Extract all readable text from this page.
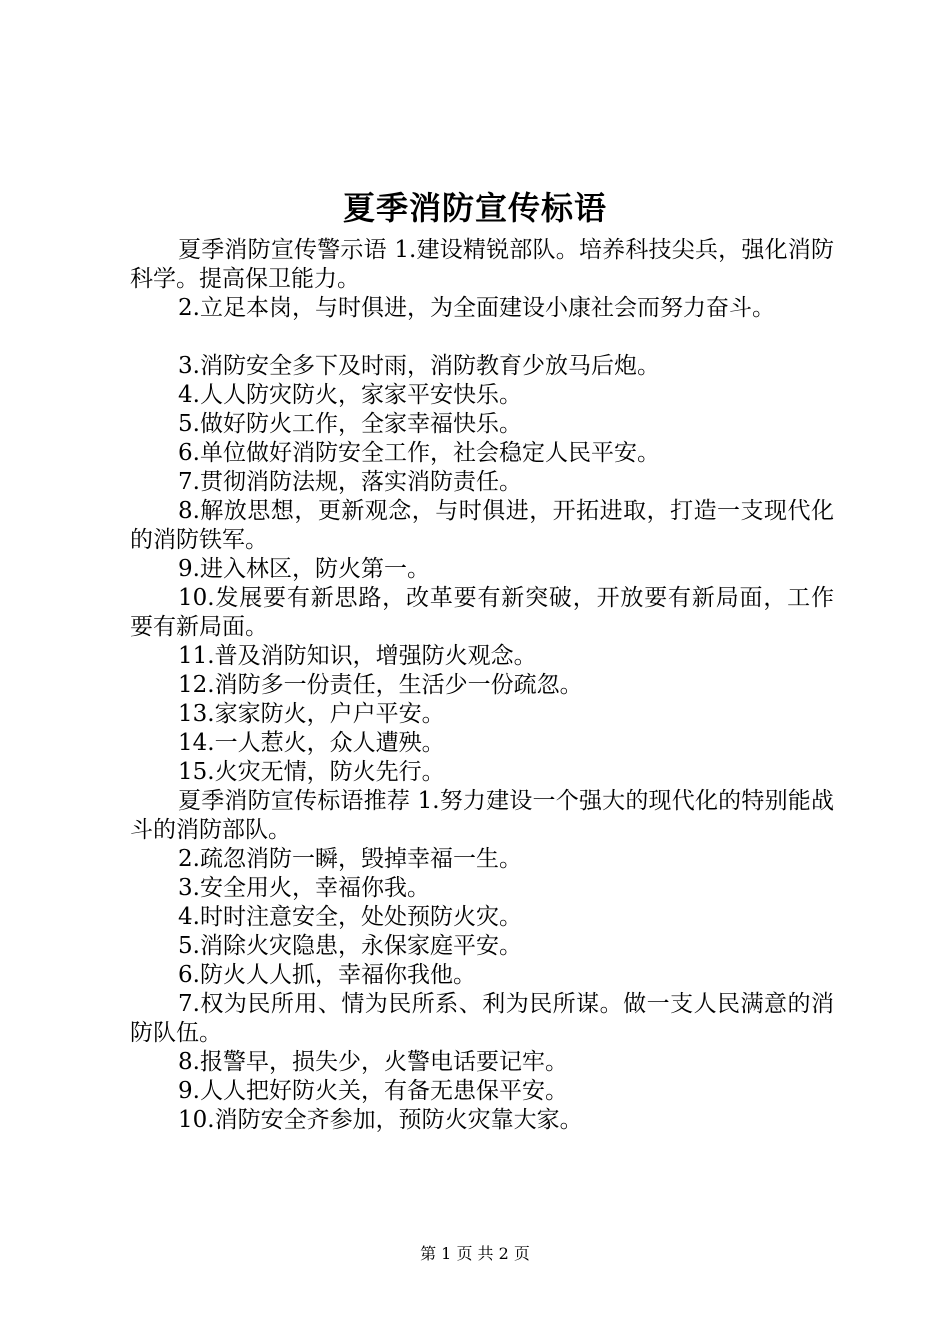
夏季消防宣传标语

夏季消防宣传警示语 1.建设精锐部队。培养科技尖兵，强化消防科学。提高保卫能力。

2.立足本岗，与时俱进，为全面建设小康社会而努力奋斗。

3.消防安全多下及时雨，消防教育少放马后炮。

4.人人防灾防火，家家平安快乐。

5.做好防火工作，全家幸福快乐。

6.单位做好消防安全工作，社会稳定人民平安。

7.贯彻消防法规，落实消防责任。

8.解放思想，更新观念，与时俱进，开拓进取，打造一支现代化的消防铁军。

9.进入林区，防火第一。

10.发展要有新思路，改革要有新突破，开放要有新局面，工作要有新局面。

11.普及消防知识，增强防火观念。

12.消防多一份责任，生活少一份疏忽。

13.家家防火，户户平安。

14.一人惹火，众人遭殃。

15.火灾无情，防火先行。

夏季消防宣传标语推荐 1.努力建设一个强大的现代化的特别能战斗的消防部队。

2.疏忽消防一瞬，毁掉幸福一生。

3.安全用火，幸福你我。

4.时时注意安全，处处预防火灾。

5.消除火灾隐患，永保家庭平安。

6.防火人人抓，幸福你我他。

7.权为民所用、情为民所系、利为民所谋。做一支人民满意的消防队伍。

8.报警早，损失少，火警电话要记牢。

9.人人把好防火关，有备无患保平安。

10.消防安全齐参加，预防火灾靠大家。

第 1 页 共 2 页
